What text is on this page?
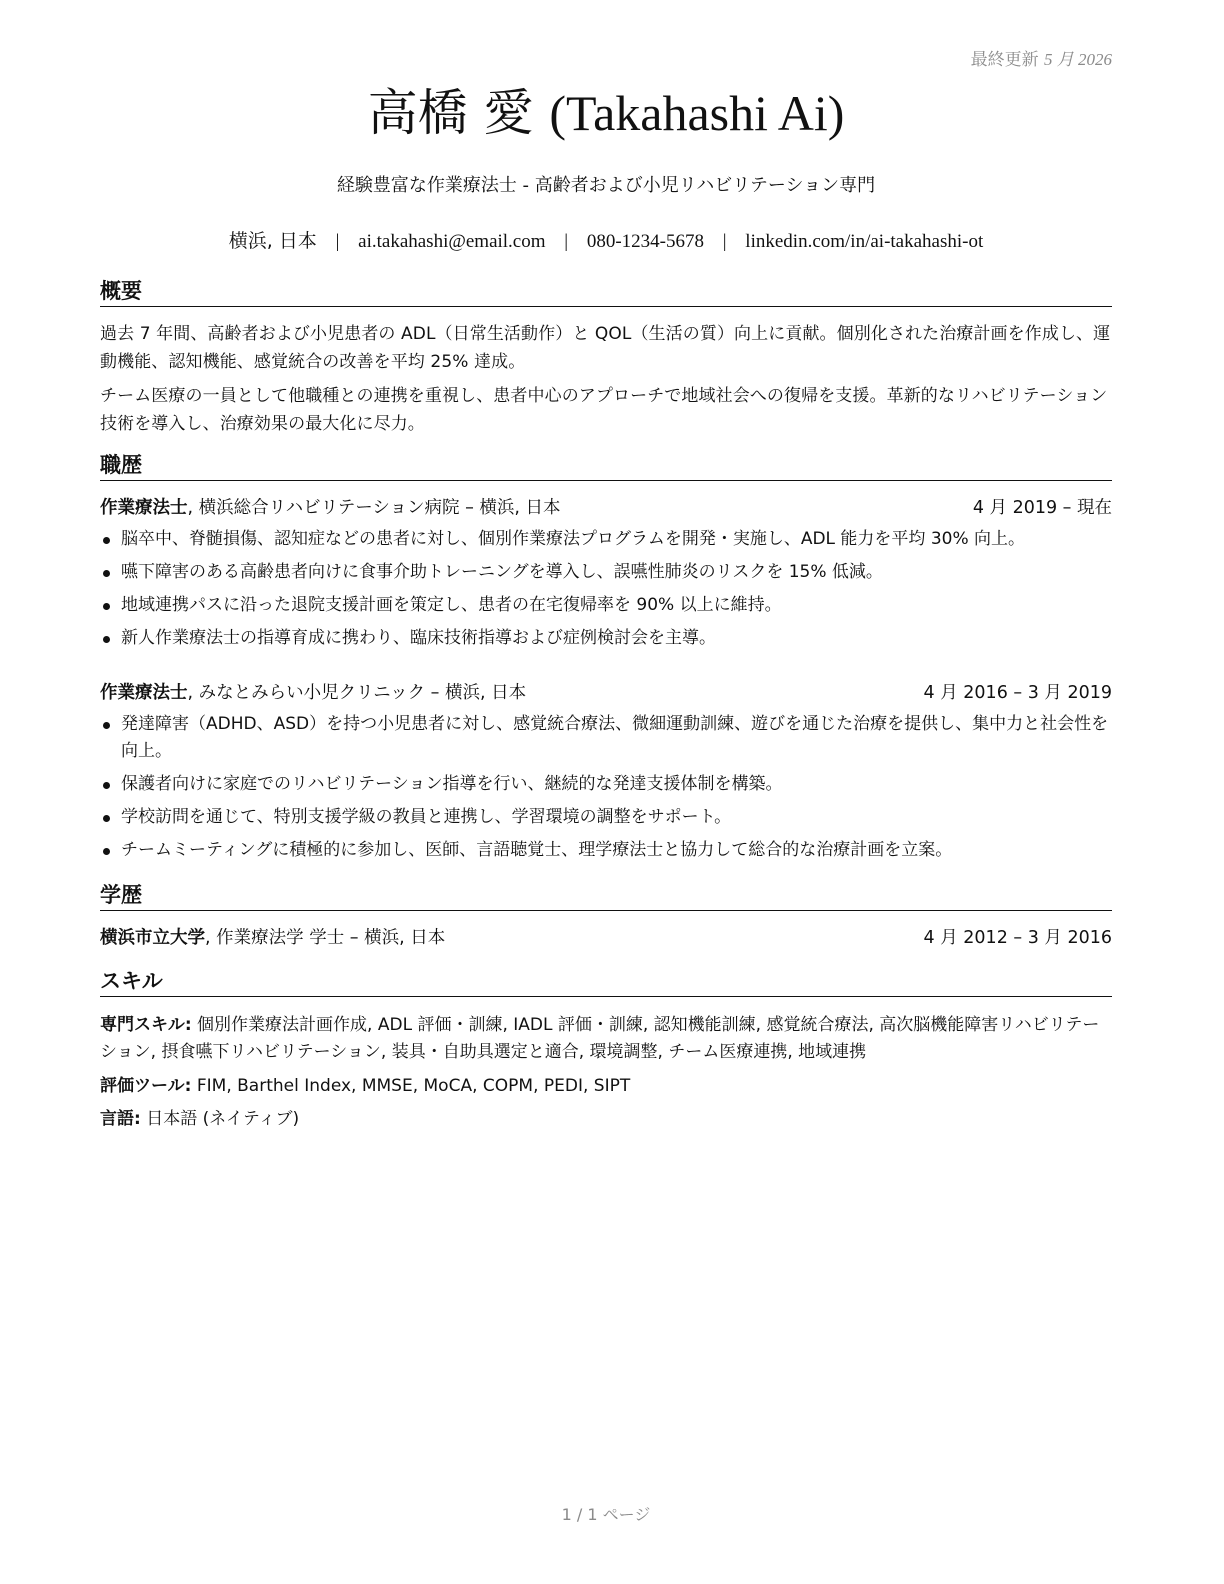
最終更新 5 月 2026
高橋 愛 (Takahashi Ai)
経験豊富な作業療法士 - 高齢者および小児リハビリテーション専門
横浜, 日本 | ai.takahashi@email.com | 080-1234-5678 | linkedin.com/in/ai-takahashi-ot
概要
過去 7 年間、高齢者および小児患者の ADL（日常生活動作）と QOL（生活の質）向上に貢献。個別化された治療計画を作成し、運動機能、認知機能、感覚統合の改善を平均 25% 達成。
チーム医療の一員として他職種との連携を重視し、患者中心のアプローチで地域社会への復帰を支援。革新的なリハビリテーション技術を導入し、治療効果の最大化に尽力。
職歴
作業療法士, 横浜総合リハビリテーション病院 – 横浜, 日本	4 月 2019 – 現在
脳卒中、脊髄損傷、認知症などの患者に対し、個別作業療法プログラムを開発・実施し、ADL 能力を平均 30% 向上。
嚥下障害のある高齢患者向けに食事介助トレーニングを導入し、誤嚥性肺炎のリスクを 15% 低減。
地域連携パスに沿った退院支援計画を策定し、患者の在宅復帰率を 90% 以上に維持。
新人作業療法士の指導育成に携わり、臨床技術指導および症例検討会を主導。
作業療法士, みなとみらい小児クリニック – 横浜, 日本	4 月 2016 – 3 月 2019
発達障害（ADHD、ASD）を持つ小児患者に対し、感覚統合療法、微細運動訓練、遊びを通じた治療を提供し、集中力と社会性を向上。
保護者向けに家庭でのリハビリテーション指導を行い、継続的な発達支援体制を構築。
学校訪問を通じて、特別支援学級の教員と連携し、学習環境の調整をサポート。
チームミーティングに積極的に参加し、医師、言語聴覚士、理学療法士と協力して総合的な治療計画を立案。
学歴
横浜市立大学, 作業療法学 学士 – 横浜, 日本	4 月 2012 – 3 月 2016
スキル
専門スキル: 個別作業療法計画作成, ADL 評価・訓練, IADL 評価・訓練, 認知機能訓練, 感覚統合療法, 高次脳機能障害リハビリテーション, 摂食嚥下リハビリテーション, 装具・自助具選定と適合, 環境調整, チーム医療連携, 地域連携
評価ツール: FIM, Barthel Index, MMSE, MoCA, COPM, PEDI, SIPT
言語: 日本語 (ネイティブ)
1 / 1 ページ
